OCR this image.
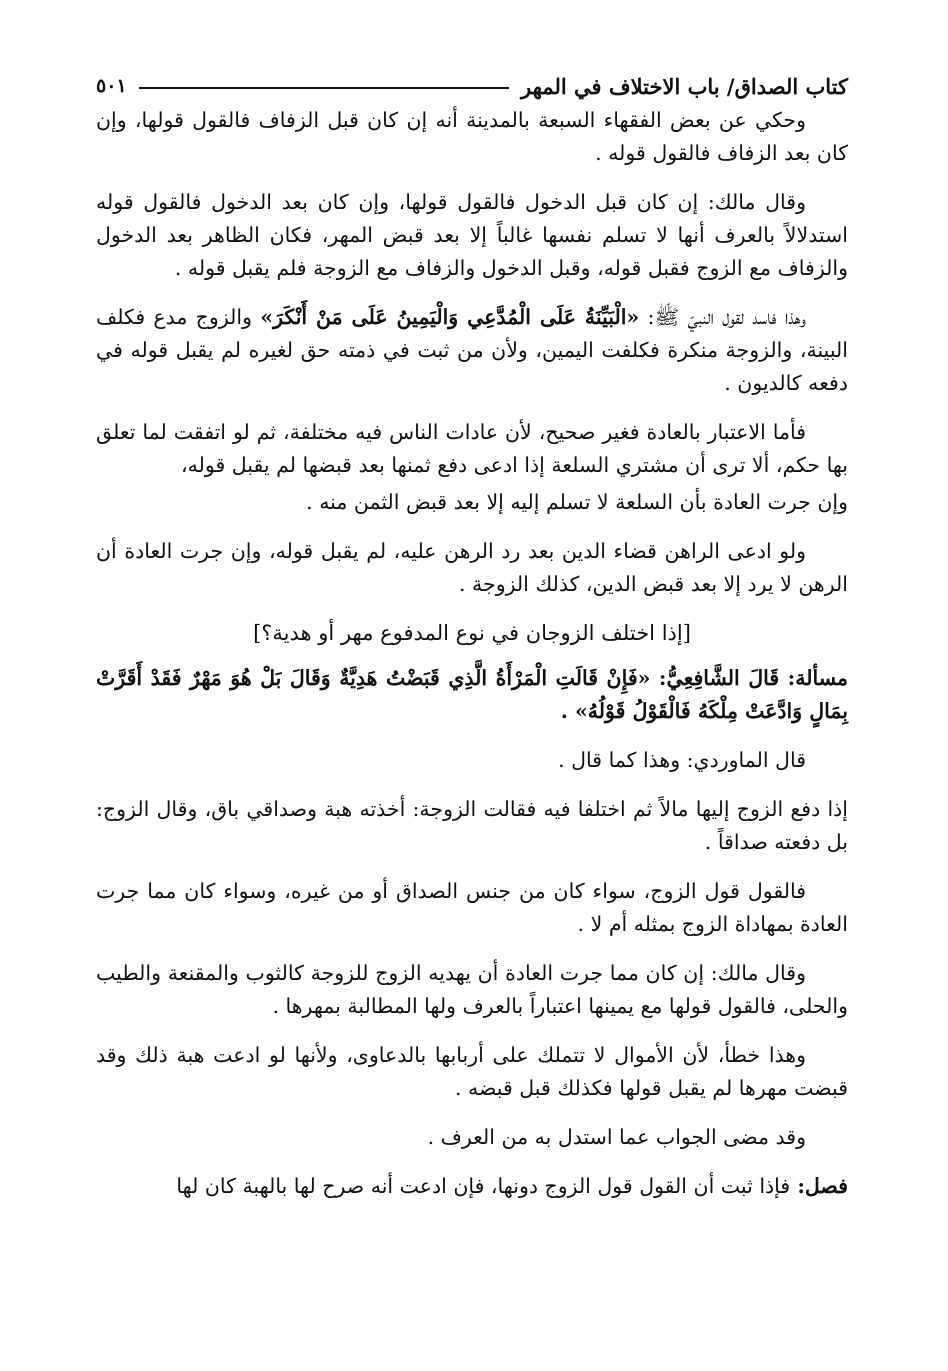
كتاب الصداق/ باب الاختلاف في المهر
٥٠١

وحكي عن بعض الفقهاء السبعة بالمدينة أنه إن كان قبل الزفاف فالقول قولها، وإن كان بعد الزفاف فالقول قوله .

وقال مالك: إن كان قبل الدخول فالقول قولها، وإن كان بعد الدخول فالقول قوله استدلالاً بالعرف أنها لا تسلم نفسها غالباً إلا بعد قبض المهر، فكان الظاهر بعد الدخول والزفاف مع الزوج فقبل قوله، وقبل الدخول والزفاف مع الزوجة فلم يقبل قوله .

وهذا فاسد لقول النبيّ ﷺ: «الْبَيِّنَةُ عَلَى الْمُدَّعِي وَالْيَمِينُ عَلَى مَنْ أَنْكَرَ» والزوج مدع فكلف البينة، والزوجة منكرة فكلفت اليمين، ولأن من ثبت في ذمته حق لغيره لم يقبل قوله في دفعه كالديون .

فأما الاعتبار بالعادة فغير صحيح، لأن عادات الناس فيه مختلفة، ثم لو اتفقت لما تعلق بها حكم، ألا ترى أن مشتري السلعة إذا ادعى دفع ثمنها بعد قبضها لم يقبل قوله،

وإن جرت العادة بأن السلعة لا تسلم إليه إلا بعد قبض الثمن منه .

ولو ادعى الراهن قضاء الدين بعد رد الرهن عليه، لم يقبل قوله، وإن جرت العادة أن الرهن لا يرد إلا بعد قبض الدين، كذلك الزوجة .

[إذا اختلف الزوجان في نوع المدفوع مهر أو هدية؟]

مسألة: قَالَ الشَّافِعِيُّ: «فَإِنْ قَالَتِ الْمَرْأَةُ الَّذِي قَبَضْتُ هَدِيَّةٌ وَقَالَ بَلْ هُوَ مَهْرٌ فَقَدْ أَقَرَّتْ بِمَالٍ وَادَّعَتْ مِلْكَهُ فَالْقَوْلُ قَوْلُهُ» .

قال الماوردي: وهذا كما قال .

إذا دفع الزوج إليها مالاً ثم اختلفا فيه فقالت الزوجة: أخذته هبة وصداقي باق، وقال الزوج: بل دفعته صداقاً .

فالقول قول الزوج، سواء كان من جنس الصداق أو من غيره، وسواء كان مما جرت العادة بمهاداة الزوج بمثله أم لا .

وقال مالك: إن كان مما جرت العادة أن يهديه الزوج للزوجة كالثوب والمقنعة والطيب والحلى، فالقول قولها مع يمينها اعتباراً بالعرف ولها المطالبة بمهرها .

وهذا خطأ، لأن الأموال لا تتملك على أربابها بالدعاوى، ولأنها لو ادعت هبة ذلك وقد قبضت مهرها لم يقبل قولها فكذلك قبل قبضه .

وقد مضى الجواب عما استدل به من العرف .

فصل: فإذا ثبت أن القول قول الزوج دونها، فإن ادعت أنه صرح لها بالهبة كان لها
